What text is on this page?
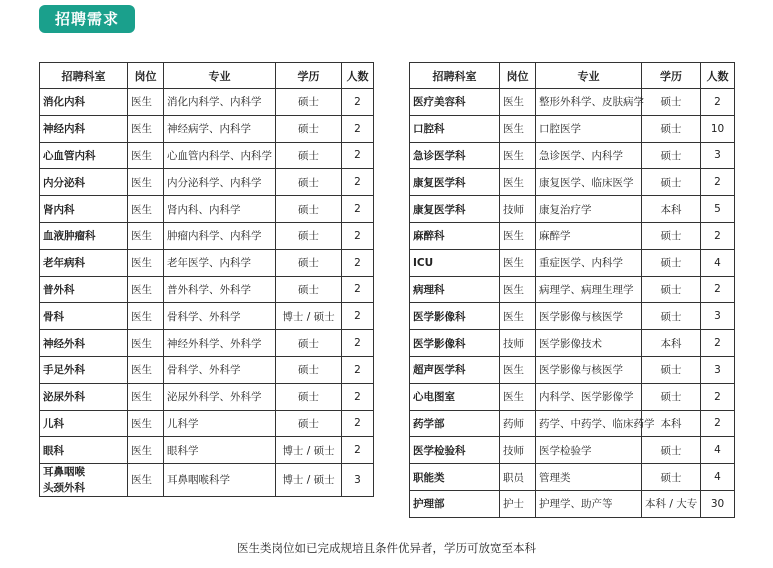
招聘需求
招聘科室	岗位	专业	学历	人数
消化内科	医生	消化内科学、内科学	硕士	2
神经内科	医生	神经病学、内科学	硕士	2
心血管内科	医生	心血管内科学、内科学	硕士	2
内分泌科	医生	内分泌科学、内科学	硕士	2
肾内科	医生	肾内科、内科学	硕士	2
血液肿瘤科	医生	肿瘤内科学、内科学	硕士	2
老年病科	医生	老年医学、内科学	硕士	2
普外科	医生	普外科学、外科学	硕士	2
骨科	医生	骨科学、外科学	博士 / 硕士	2
神经外科	医生	神经外科学、外科学	硕士	2
手足外科	医生	骨科学、外科学	硕士	2
泌尿外科	医生	泌尿外科学、外科学	硕士	2
儿科	医生	儿科学	硕士	2
眼科	医生	眼科学	博士 / 硕士	2

耳鼻咽喉
头颈外科	医生	耳鼻咽喉科学	博士 / 硕士	3
招聘科室	岗位	专业	学历	人数
医疗美容科	医生	整形外科学、皮肤病学	硕士	2
口腔科	医生	口腔医学	硕士	10
急诊医学科	医生	急诊医学、内科学	硕士	3
康复医学科	医生	康复医学、临床医学	硕士	2
康复医学科	技师	康复治疗学	本科	5
麻醉科	医生	麻醉学	硕士	2
ICU	医生	重症医学、内科学	硕士	4
病理科	医生	病理学、病理生理学	硕士	2
医学影像科	医生	医学影像与核医学	硕士	3
医学影像科	技师	医学影像技术	本科	2
超声医学科	医生	医学影像与核医学	硕士	3
心电图室	医生	内科学、医学影像学	硕士	2
药学部	药师	药学、中药学、临床药学	本科	2
医学检验科	技师	医学检验学	硕士	4
职能类	职员	管理类	硕士	4
护理部	护士	护理学、助产等	本科 / 大专	30
医生类岗位如已完成规培且条件优异者，学历可放宽至本科
